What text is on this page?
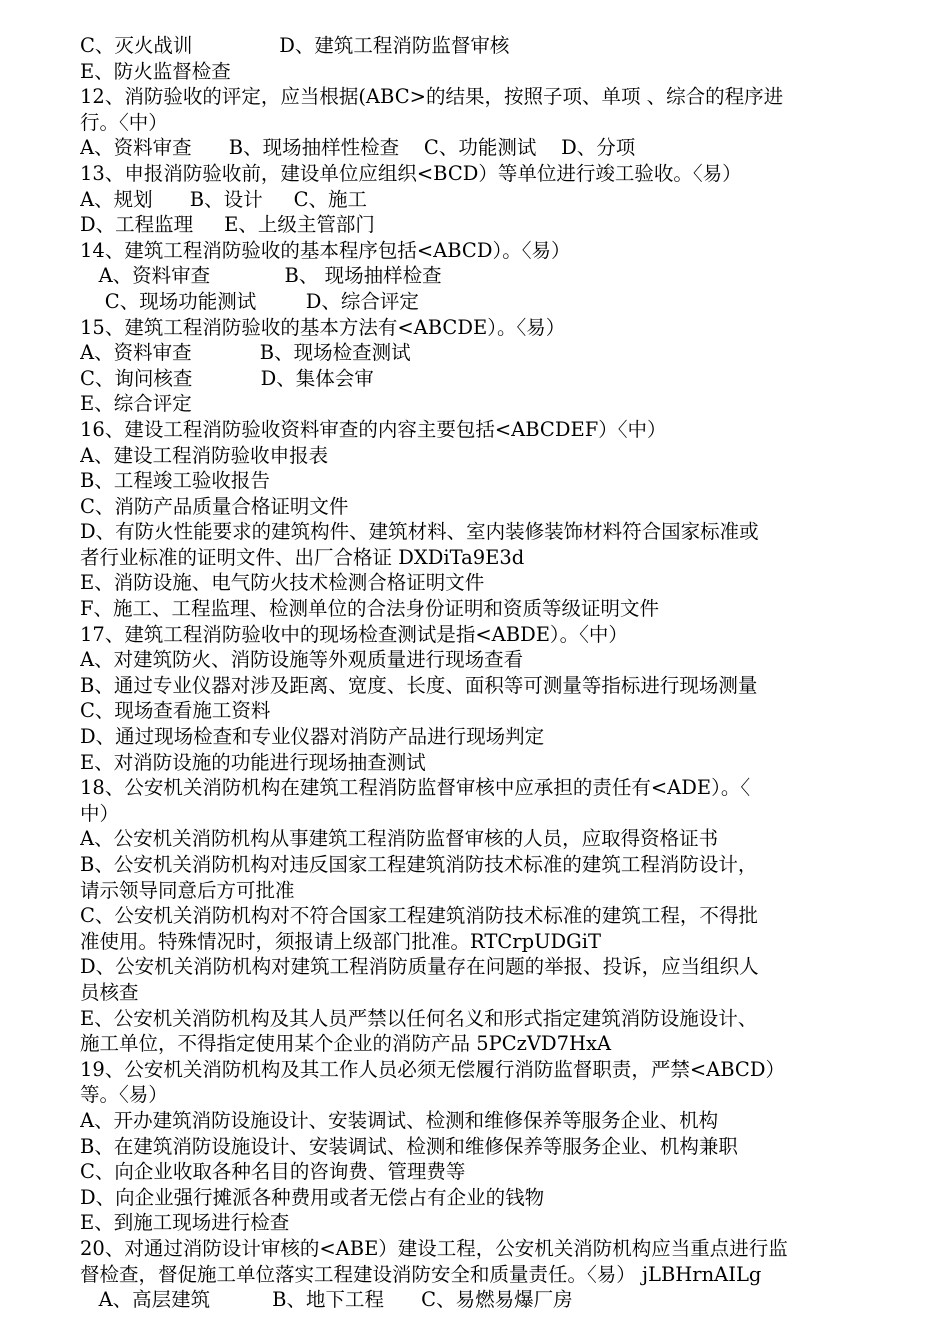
C、灭火战训              D、建筑工程消防监督审核
E、防火监督检查
12、消防验收的评定，应当根据(ABC>的结果，按照子项、单项 、综合的程序进
行。〈中）
A、资料审查      B、现场抽样性检查    C、功能测试    D、分项
13、申报消防验收前，建设单位应组织<BCD）等单位进行竣工验收。〈易）
A、规划      B、设计     C、施工
D、工程监理     E、上级主管部门
14、建筑工程消防验收的基本程序包括<ABCD）。〈易）
A、资料审查            B、 现场抽样检查
C、现场功能测试        D、综合评定
15、建筑工程消防验收的基本方法有<ABCDE）。〈易）
A、资料审查           B、现场检查测试
C、询问核查           D、集体会审
E、综合评定
16、建设工程消防验收资料审查的内容主要包括<ABCDEF）〈中）
A、建设工程消防验收申报表
B、工程竣工验收报告
C、消防产品质量合格证明文件
D、有防火性能要求的建筑构件、建筑材料、室内装修装饰材料符合国家标准或
者行业标准的证明文件、出厂合格证 DXDiTa9E3d
E、消防设施、电气防火技术检测合格证明文件
F、施工、工程监理、检测单位的合法身份证明和资质等级证明文件
17、建筑工程消防验收中的现场检查测试是指<ABDE）。〈中）
A、对建筑防火、消防设施等外观质量进行现场查看
B、通过专业仪器对涉及距离、宽度、长度、面积等可测量等指标进行现场测量
C、现场查看施工资料
D、通过现场检查和专业仪器对消防产品进行现场判定
E、对消防设施的功能进行现场抽查测试
18、公安机关消防机构在建筑工程消防监督审核中应承担的责任有<ADE）。〈
中）
A、公安机关消防机构从事建筑工程消防监督审核的人员，应取得资格证书
B、公安机关消防机构对违反国家工程建筑消防技术标准的建筑工程消防设计，
请示领导同意后方可批准
C、公安机关消防机构对不符合国家工程建筑消防技术标准的建筑工程，不得批
准使用。特殊情况时，须报请上级部门批准。RTCrpUDGiT
D、公安机关消防机构对建筑工程消防质量存在问题的举报、投诉，应当组织人
员核查
E、公安机关消防机构及其人员严禁以任何名义和形式指定建筑消防设施设计、
施工单位，不得指定使用某个企业的消防产品 5PCzVD7HxA
19、公安机关消防机构及其工作人员必须无偿履行消防监督职责，严禁<ABCD）
等。〈易）
A、开办建筑消防设施设计、安装调试、检测和维修保养等服务企业、机构
B、在建筑消防设施设计、安装调试、检测和维修保养等服务企业、机构兼职
C、向企业收取各种名目的咨询费、管理费等
D、向企业强行摊派各种费用或者无偿占有企业的钱物
E、到施工现场进行检查
20、对通过消防设计审核的<ABE）建设工程，公安机关消防机构应当重点进行监
督检查，督促施工单位落实工程建设消防安全和质量责任。〈易） jLBHrnAILg
A、高层建筑          B、地下工程      C、易燃易爆厂房
